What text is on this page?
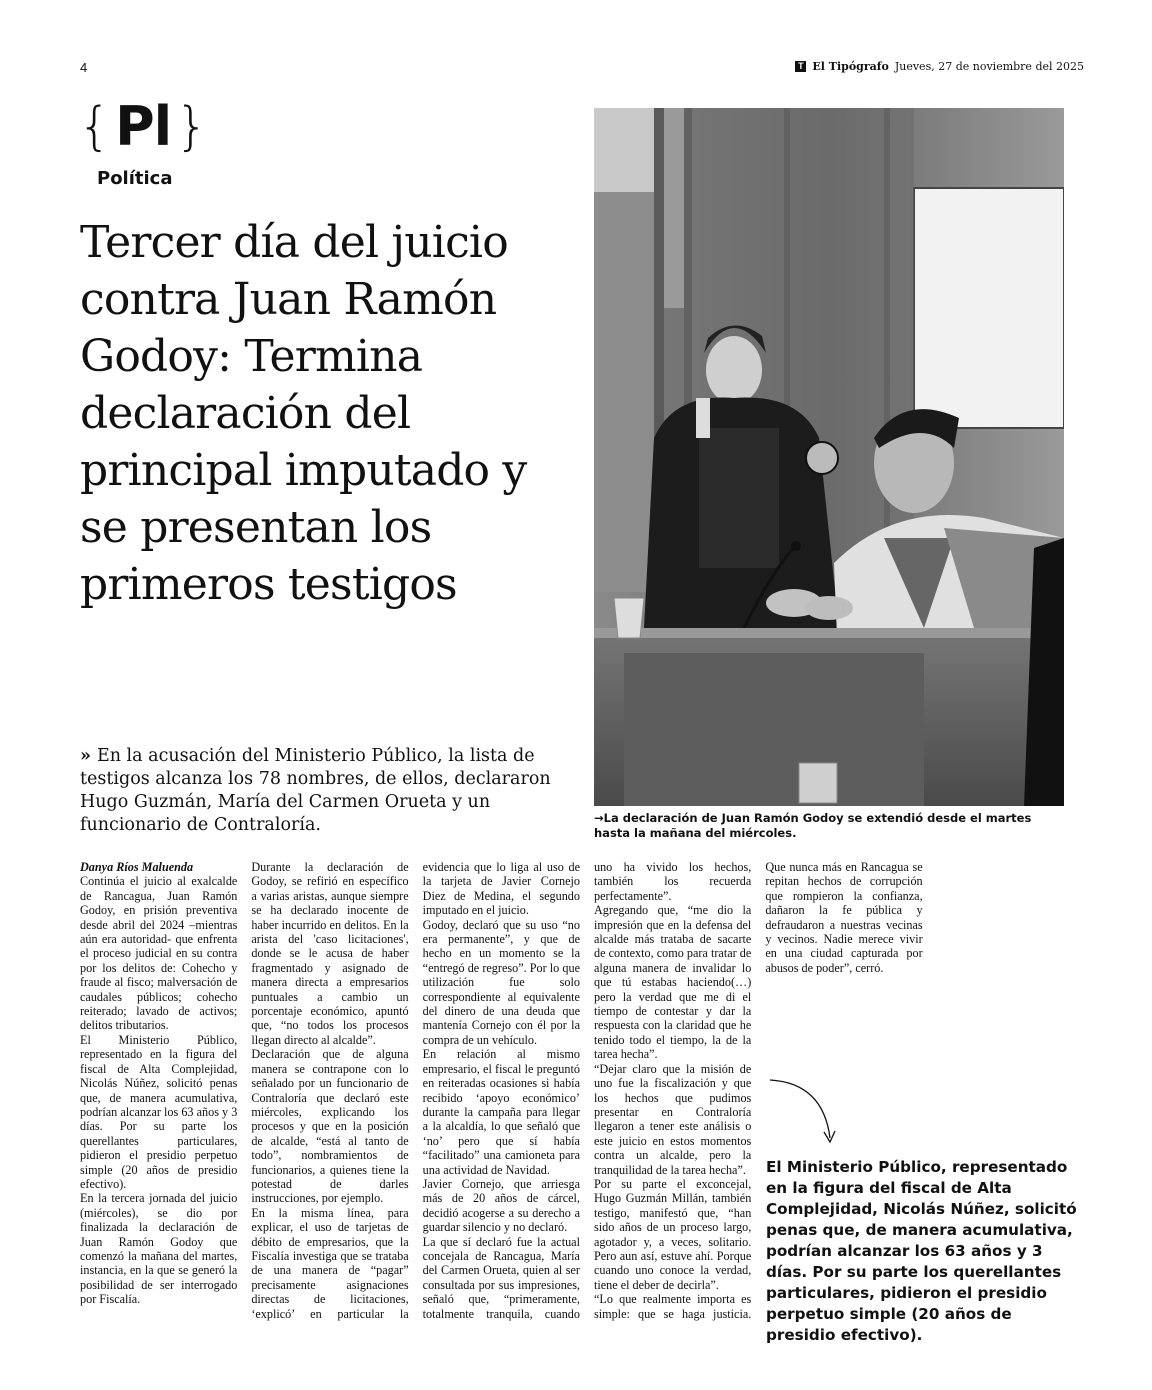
4	T El Tipógrafo Jueves, 27 de noviembre del 2025
{ Pl }
Política
Tercer día del juicio contra Juan Ramón Godoy: Termina declaración del principal imputado y se presentan los primeros testigos
» En la acusación del Ministerio Público, la lista de testigos alcanza los 78 nombres, de ellos, declararon Hugo Guzmán, María del Carmen Orueta y un funcionario de Contraloría.	→La declaración de Juan Ramón Godoy se extendió desde el martes hasta la mañana del miércoles.

Danya Ríos Maluenda

Continúa el juicio al exalcalde de Rancagua, Juan Ramón Godoy, en prisión preventiva desde abril del 2024 –mientras aún era autoridad- que enfrenta el proceso judicial en su contra por los delitos de: Cohecho y fraude al fisco; malversación de caudales públicos; cohecho reiterado; lavado de activos; delitos tributarios.

El Ministerio Público, representado en la figura del fiscal de Alta Complejidad, Nicolás Núñez, solicitó penas que, de manera acumulativa, podrían alcanzar los 63 años y 3 días. Por su parte los querellantes particulares, pidieron el presidio perpetuo simple (20 años de presidio efectivo).

En la tercera jornada del juicio (miércoles), se dio por finalizada la declaración de Juan Ramón Godoy que comenzó la mañana del martes, instancia, en la que se generó la posibilidad de ser interrogado por Fiscalía.

Durante la declaración de Godoy, se refirió en específico a varias aristas, aunque siempre se ha declarado inocente de haber incurrido en delitos. En la arista del 'caso licitaciones', donde se le acusa de haber fragmentado y asignado de manera directa a empresarios puntuales a cambio un porcentaje económico, apuntó que, “no todos los procesos llegan directo al alcalde”.

Declaración que de alguna manera se contrapone con lo señalado por un funcionario de Contraloría que declaró este miércoles, explicando los procesos y que en la posición de alcalde, “está al tanto de todo”, nombramientos de funcionarios, a quienes tiene la potestad de darles instrucciones, por ejemplo.

En la misma línea, para explicar, el uso de tarjetas de débito de empresarios, que la Fiscalía investiga que se trataba de una manera de “pagar” precisamente asignaciones directas de licitaciones, ‘explicó’ en particular la evidencia que lo liga al uso de la tarjeta de Javier Cornejo Diez de Medina, el segundo imputado en el juicio.

Godoy, declaró que su uso “no era permanente”, y que de hecho en un momento se la “entregó de regreso”. Por lo que utilización fue solo correspondiente al equivalente del dinero de una deuda que mantenía Cornejo con él por la compra de un vehículo.

En relación al mismo empresario, el fiscal le preguntó en reiteradas ocasiones si había recibido ‘apoyo económico’ durante la campaña para llegar a la alcaldía, lo que señaló que ‘no’ pero que sí había “facilitado” una camioneta para una actividad de Navidad.

Javier Cornejo, que arriesga más de 20 años de cárcel, decidió acogerse a su derecho a guardar silencio y no declaró.

La que sí declaró fue la actual concejala de Rancagua, María del Carmen Orueta, quien al ser consultada por sus impresiones, señaló que, “primeramente, totalmente tranquila, cuando uno ha vivido los hechos, también los recuerda perfectamente”.

Agregando que, “me dio la impresión que en la defensa del alcalde más trataba de sacarte de contexto, como para tratar de alguna manera de invalidar lo que tú estabas haciendo(…) pero la verdad que me di el tiempo de contestar y dar la respuesta con la claridad que he tenido todo el tiempo, la de la tarea hecha”.

“Dejar claro que la misión de uno fue la fiscalización y que los hechos que pudimos presentar en Contraloría llegaron a tener este análisis o este juicio en estos momentos contra un alcalde, pero la tranquilidad de la tarea hecha”.

Por su parte el exconcejal, Hugo Guzmán Millán, también testigo, manifestó que, “han sido años de un proceso largo, agotador y, a veces, solitario. Pero aun así, estuve ahí. Porque cuando uno conoce la verdad, tiene el deber de decirla”.

“Lo que realmente importa es simple: que se haga justicia. Que nunca más en Rancagua se repitan hechos de corrupción que rompieron la confianza, dañaron la fe pública y defraudaron a nuestras vecinas y vecinos. Nadie merece vivir en una ciudad capturada por abusos de poder”, cerró.

El Ministerio Público, representado en la figura del fiscal de Alta Complejidad, Nicolás Núñez, solicitó penas que, de manera acumulativa, podrían alcanzar los 63 años y 3 días. Por su parte los querellantes particulares, pidieron el presidio perpetuo simple (20 años de presidio efectivo).
